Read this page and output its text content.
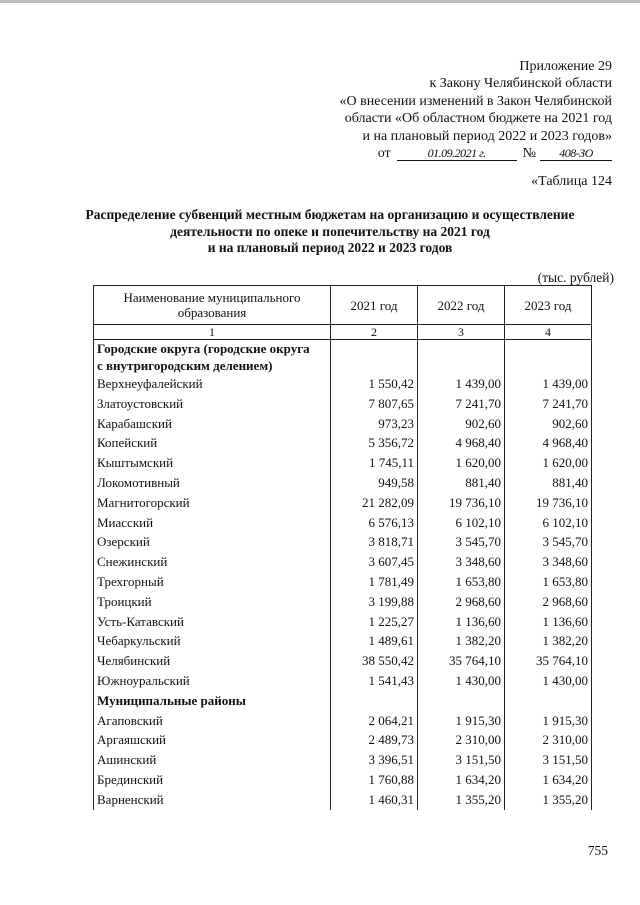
Приложение 29
к Закону Челябинской области
«О внесении изменений в Закон Челябинской
области «Об областном бюджете на 2021 год
и на плановый период 2022 и 2023 годов»
от	01.09.2021 г.	№	408-ЗО
«Таблица 124
Распределение субвенций местным бюджетам на организацию и осуществление
деятельности по опеке и попечительству на 2021 год
и на плановый период 2022 и 2023 годов
(тыс. рублей)
Наименование муниципального образования	2021 год	2022 год	2023 год
1	2	3	4
Городские округа (городские округа			
с внутригородским делением)			
Верхнеуфалейский	1 550,42	1 439,00	1 439,00
Златоустовский	7 807,65	7 241,70	7 241,70
Карабашский	973,23	902,60	902,60
Копейский	5 356,72	4 968,40	4 968,40
Кыштымский	1 745,11	1 620,00	1 620,00
Локомотивный	949,58	881,40	881,40
Магнитогорский	21 282,09	19 736,10	19 736,10
Миасский	6 576,13	6 102,10	6 102,10
Озерский	3 818,71	3 545,70	3 545,70
Снежинский	3 607,45	3 348,60	3 348,60
Трехгорный	1 781,49	1 653,80	1 653,80
Троицкий	3 199,88	2 968,60	2 968,60
Усть-Катавский	1 225,27	1 136,60	1 136,60
Чебаркульский	1 489,61	1 382,20	1 382,20
Челябинский	38 550,42	35 764,10	35 764,10
Южноуральский	1 541,43	1 430,00	1 430,00
Муниципальные районы			
Агаповский	2 064,21	1 915,30	1 915,30
Аргаяшский	2 489,73	2 310,00	2 310,00
Ашинский	3 396,51	3 151,50	3 151,50
Брединский	1 760,88	1 634,20	1 634,20
Варненский	1 460,31	1 355,20	1 355,20
755
